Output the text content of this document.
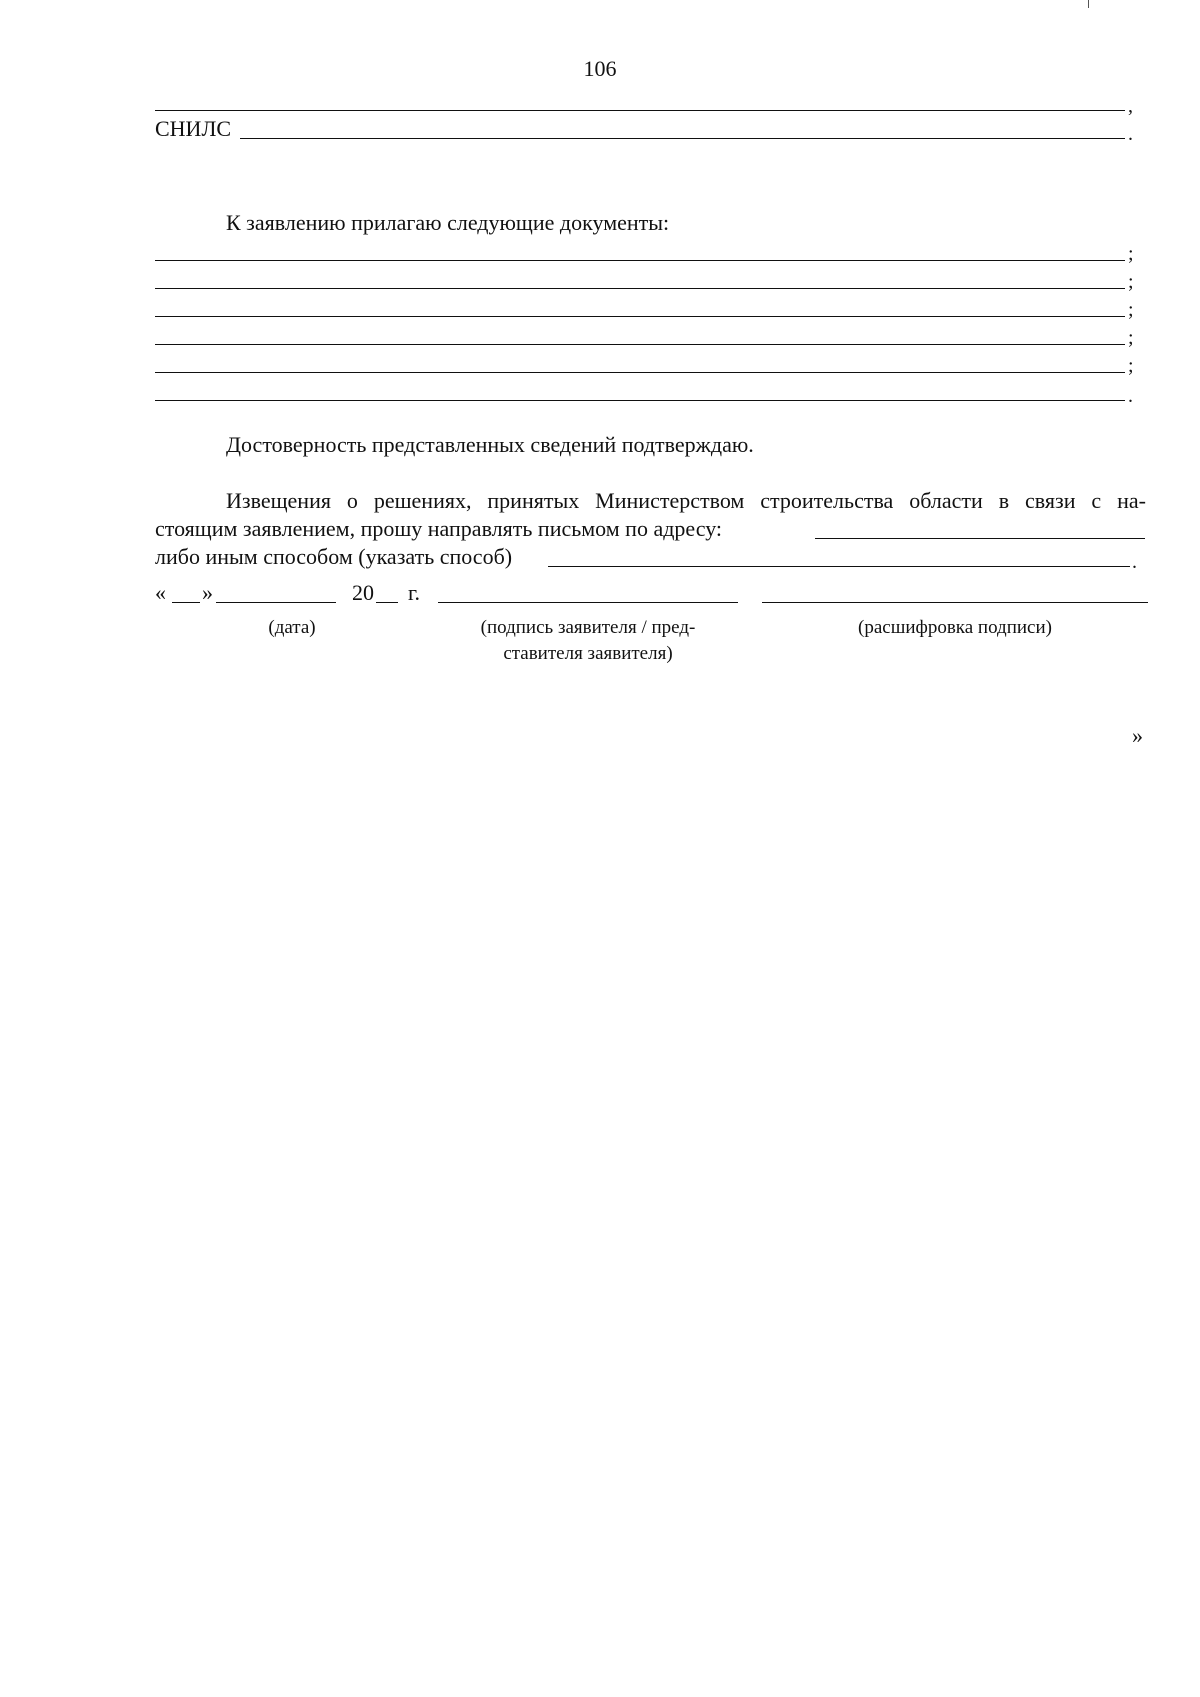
106
,
СНИЛС	.
К заявлению прилагаю следующие документы:
;
;
;
;
;
.
Достоверность представленных сведений подтверждаю.
Извещения о решениях, принятых Министерством строительства области в связи с на-
стоящим заявлением, прошу направлять письмом по адресу:
либо иным способом (указать способ)	.
« »	20 г.
(дата)	(подпись заявителя / пред-
ставителя заявителя)
(расшифровка подписи)
»
